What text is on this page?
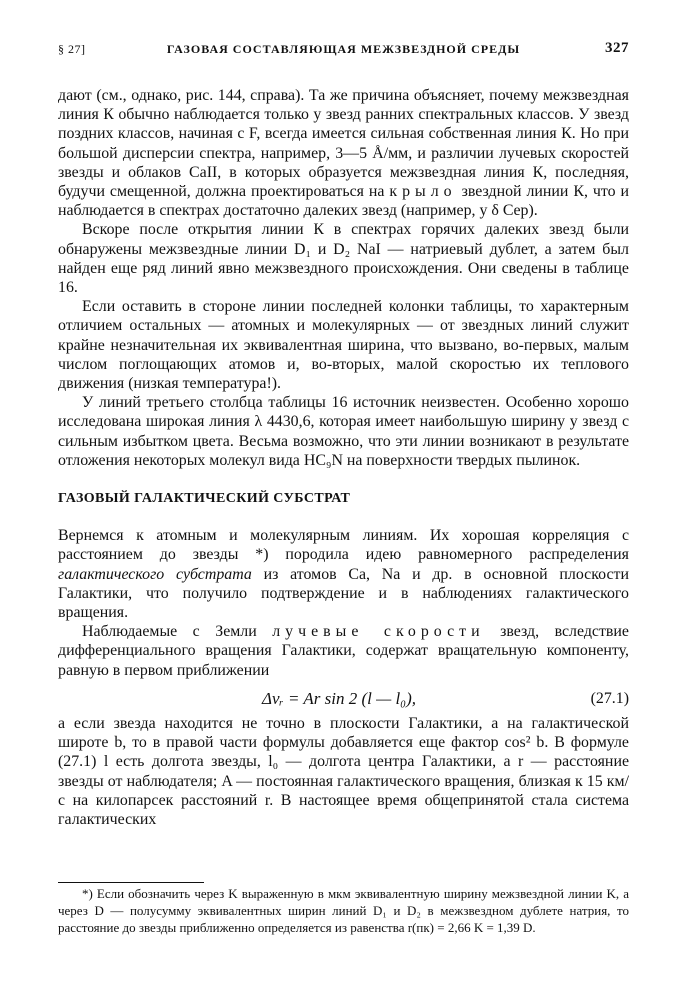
§ 27]	ГАЗОВАЯ СОСТАВЛЯЮЩАЯ МЕЖЗВЕЗДНОЙ СРЕДЫ	327

дают (см., однако, рис. 144, справа). Та же причина объясняет, почему межзвездная линия К обычно наблюдается только у звезд ранних спектральных классов. У звезд поздних классов, начиная с F, всегда имеется сильная собственная линия К. Но при большой дисперсии спектра, например, 3—5 Å/мм, и различии лучевых скоростей звезды и облаков CaII, в которых образуется межзвездная линия К, последняя, будучи смещенной, должна проектироваться на крыло звездной линии К, что и наблюдается в спектрах достаточно далеких звезд (например, у δ Cep).

Вскоре после открытия линии К в спектрах горячих далеких звезд были обнаружены межзвездные линии D₁ и D₂ NaI — натриевый дублет, а затем был найден еще ряд линий явно межзвездного происхождения. Они сведены в таблице 16.

Если оставить в стороне линии последней колонки таблицы, то характерным отличием остальных — атомных и молекулярных — от звездных линий служит крайне незначительная их эквивалентная ширина, что вызвано, во-первых, малым числом поглощающих атомов и, во-вторых, малой скоростью их теплового движения (низкая температура!).

У линий третьего столбца таблицы 16 источник неизвестен. Особенно хорошо исследована широкая линия λ 4430,6, которая имеет наибольшую ширину у звезд с сильным избытком цвета. Весьма возможно, что эти линии возникают в результате отложения некоторых молекул вида HC₉N на поверхности твердых пылинок.

ГАЗОВЫЙ ГАЛАКТИЧЕСКИЙ СУБСТРАТ

Вернемся к атомным и молекулярным линиям. Их хорошая корреляция с расстоянием до звезды *) породила идею равномерного распределения галактического субстрата из атомов Ca, Na и др. в основной плоскости Галактики, что получило подтверждение и в наблюдениях галактического вращения.

Наблюдаемые с Земли лучевые скорости звезд, вследствие дифференциального вращения Галактики, содержат вращательную компоненту, равную в первом приближении

Δvᵣ = Ar sin 2 (l — l₀),	(27.1)

а если звезда находится не точно в плоскости Галактики, а на галактической широте b, то в правой части формулы добавляется еще фактор cos² b. В формуле (27.1) l есть долгота звезды, l₀ — долгота центра Галактики, а r — расстояние звезды от наблюдателя; A — постоянная галактического вращения, близкая к 15 км/с на килопарсек расстояний r. В настоящее время общепринятой стала система галактических

*) Если обозначить через K выраженную в мкм эквивалентную ширину межзвездной линии K, а через D — полусумму эквивалентных ширин линий D₁ и D₂ в межзвездном дублете натрия, то расстояние до звезды приближенно определяется из равенства r(пк) = 2,66 K = 1,39 D.
